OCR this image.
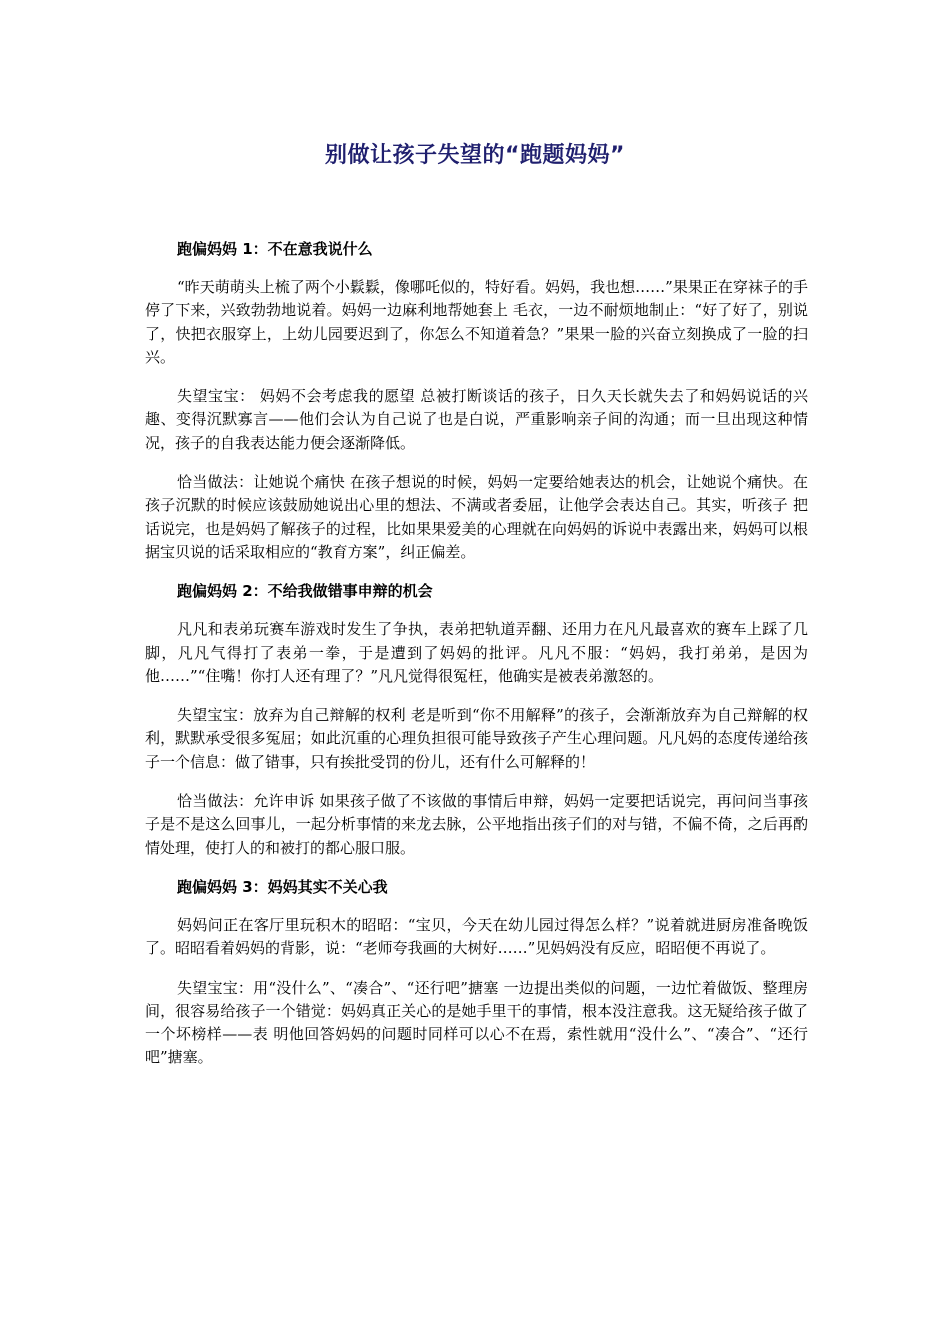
别做让孩子失望的“跑题妈妈”

跑偏妈妈 1：不在意我说什么

“昨天萌萌头上梳了两个小鬏鬏，像哪吒似的，特好看。妈妈，我也想……”果果正在穿袜子的手停了下来，兴致勃勃地说着。妈妈一边麻利地帮她套上 毛衣，一边不耐烦地制止：“好了好了，别说了，快把衣服穿上，上幼儿园要迟到了，你怎么不知道着急？”果果一脸的兴奋立刻换成了一脸的扫兴。

失望宝宝： 妈妈不会考虑我的愿望 总被打断谈话的孩子，日久天长就失去了和妈妈说话的兴趣、变得沉默寡言——他们会认为自己说了也是白说，严重影响亲子间的沟通；而一旦出现这种情况，孩子的自我表达能力便会逐渐降低。

恰当做法：让她说个痛快 在孩子想说的时候，妈妈一定要给她表达的机会，让她说个痛快。在孩子沉默的时候应该鼓励她说出心里的想法、不满或者委屈，让他学会表达自己。其实，听孩子 把话说完，也是妈妈了解孩子的过程，比如果果爱美的心理就在向妈妈的诉说中表露出来，妈妈可以根据宝贝说的话采取相应的“教育方案”，纠正偏差。

跑偏妈妈 2：不给我做错事申辩的机会

凡凡和表弟玩赛车游戏时发生了争执，表弟把轨道弄翻、还用力在凡凡最喜欢的赛车上踩了几脚，凡凡气得打了表弟一拳，于是遭到了妈妈的批评。凡凡不服：“妈妈，我打弟弟，是因为他……”“住嘴！你打人还有理了？”凡凡觉得很冤枉，他确实是被表弟激怒的。

失望宝宝：放弃为自己辩解的权利 老是听到“你不用解释”的孩子，会渐渐放弃为自己辩解的权利，默默承受很多冤屈；如此沉重的心理负担很可能导致孩子产生心理问题。凡凡妈的态度传递给孩子一个信息：做了错事，只有挨批受罚的份儿，还有什么可解释的！

恰当做法：允许申诉 如果孩子做了不该做的事情后申辩，妈妈一定要把话说完，再问问当事孩子是不是这么回事儿，一起分析事情的来龙去脉，公平地指出孩子们的对与错，不偏不倚，之后再酌情处理，使打人的和被打的都心服口服。

跑偏妈妈 3：妈妈其实不关心我

妈妈问正在客厅里玩积木的昭昭：“宝贝，今天在幼儿园过得怎么样？”说着就进厨房准备晚饭了。昭昭看着妈妈的背影，说：“老师夸我画的大树好……”见妈妈没有反应，昭昭便不再说了。

失望宝宝：用“没什么”、“凑合”、“还行吧”搪塞 一边提出类似的问题，一边忙着做饭、整理房间，很容易给孩子一个错觉：妈妈真正关心的是她手里干的事情，根本没注意我。这无疑给孩子做了一个坏榜样——表 明他回答妈妈的问题时同样可以心不在焉，索性就用“没什么”、“凑合”、“还行吧”搪塞。
